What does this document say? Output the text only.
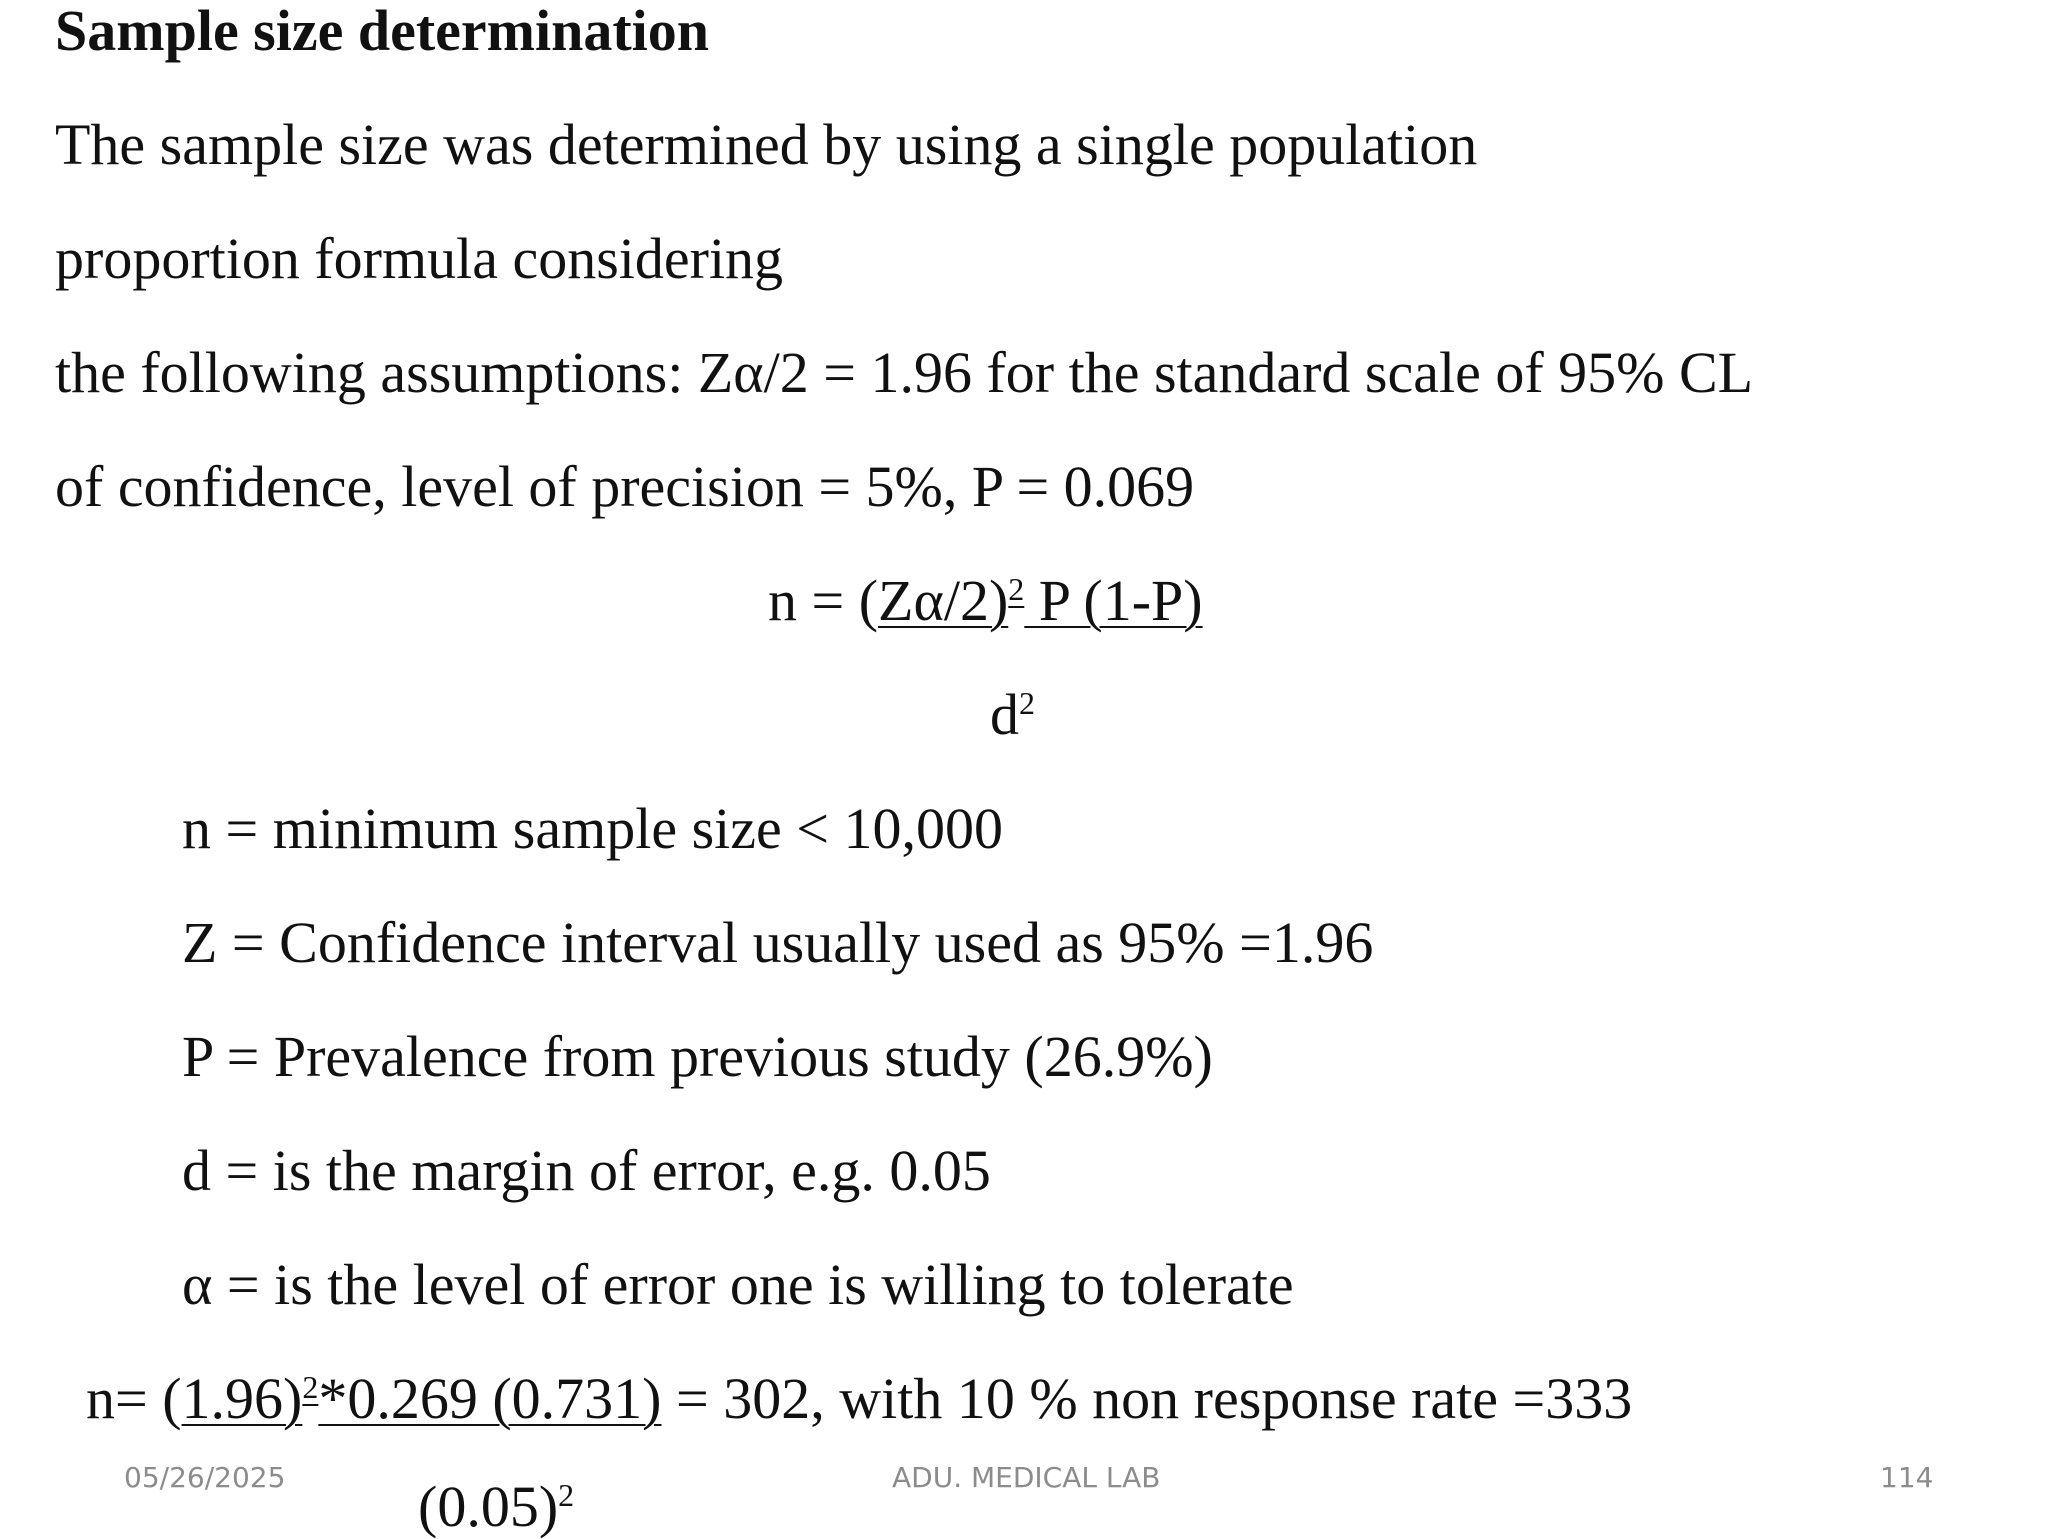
Sample size determination
The sample size was determined by using a single population
proportion formula considering
the following assumptions: Zα/2 = 1.96 for the standard scale of 95% CL
of confidence, level of precision = 5%, P = 0.069
$n = (Z\alpha/2)^2$ P (1-P)
$d^2$
n = minimum sample size < 10,000
Z = Confidence interval usually used as 95% =1.96
P = Prevalence from previous study (26.9%)
d = is the margin of error, e.g. 0.05
α = is the level of error one is willing to tolerate
$n= (1.96)^2*0.269$ (0.731) = 302, with 10 % non response rate =333
$(0.05)^2$
05/26/2025	ADU. MEDICAL LAB	114
